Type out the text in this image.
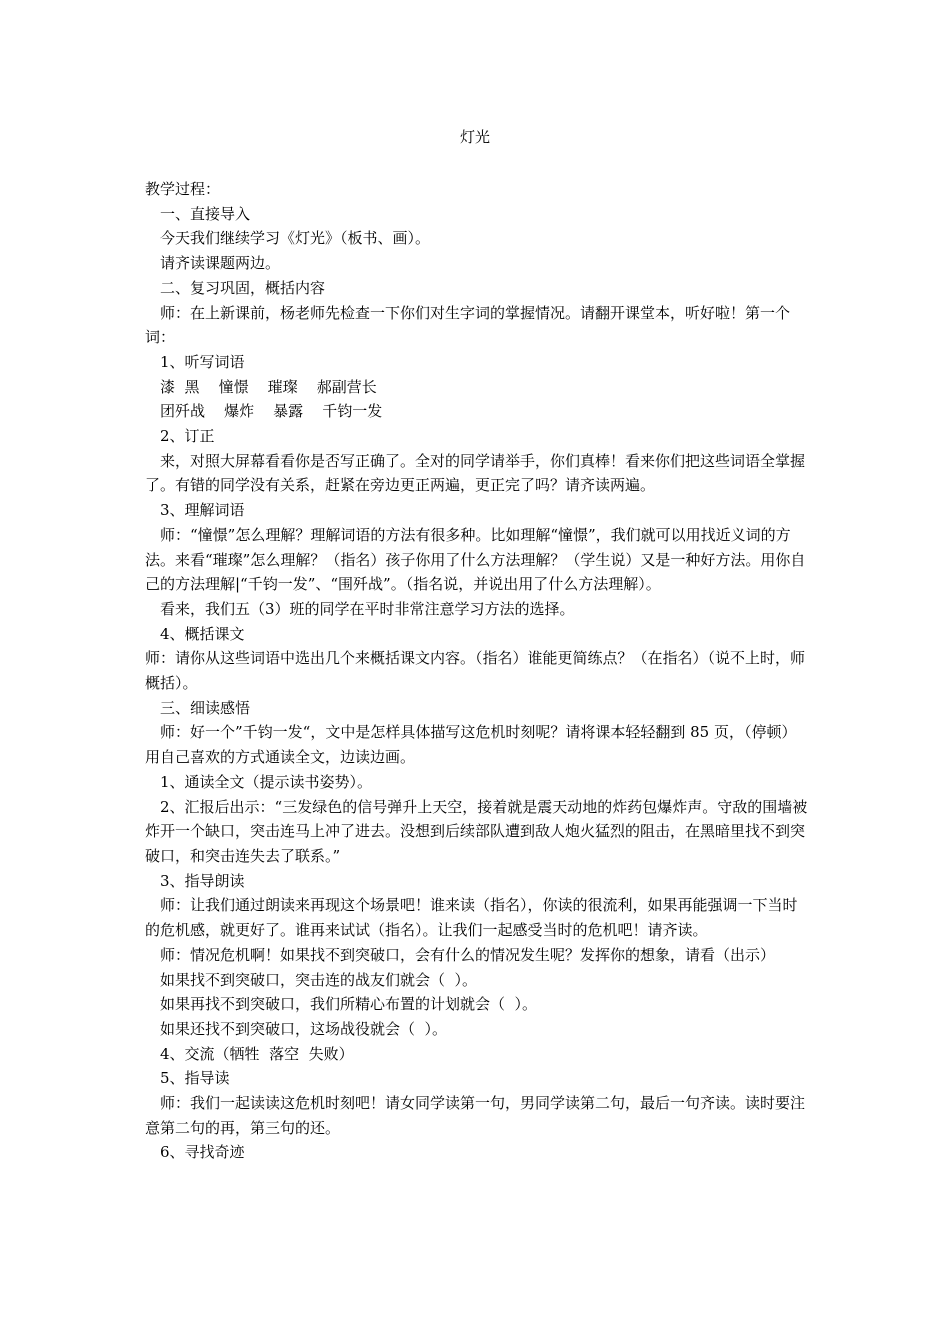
灯光

教学过程：

一、直接导入

今天我们继续学习《灯光》（板书、画）。

请齐读课题两边。

二、复习巩固，概括内容

师：在上新课前，杨老师先检查一下你们对生字词的掌握情况。请翻开课堂本，听好啦！第一个词：

1、听写词语

漆  黑    憧憬    璀璨    郝副营长

团歼战    爆炸    暴露    千钧一发

2、订正

来，对照大屏幕看看你是否写正确了。全对的同学请举手，你们真棒！看来你们把这些词语全掌握了。有错的同学没有关系，赶紧在旁边更正两遍，更正完了吗？请齐读两遍。

3、理解词语

师：“憧憬”怎么理解？理解词语的方法有很多种。比如理解“憧憬”，我们就可以用找近义词的方法。来看“璀璨”怎么理解？（指名）孩子你用了什么方法理解？（学生说）又是一种好方法。用你自己的方法理解|“千钧一发”、“围歼战”。（指名说，并说出用了什么方法理解）。

看来，我们五（3）班的同学在平时非常注意学习方法的选择。

4、概括课文

师：请你从这些词语中选出几个来概括课文内容。（指名）谁能更简练点？（在指名）（说不上时，师概括）。

三、细读感悟

师：好一个”千钧一发“，文中是怎样具体描写这危机时刻呢？请将课本轻轻翻到 85 页，（停顿）用自己喜欢的方式通读全文，边读边画。

1、通读全文（提示读书姿势）。

2、汇报后出示：“三发绿色的信号弹升上天空，接着就是震天动地的炸药包爆炸声。守敌的围墙被炸开一个缺口，突击连马上冲了进去。没想到后续部队遭到敌人炮火猛烈的阻击，在黑暗里找不到突破口，和突击连失去了联系。”

3、指导朗读

师：让我们通过朗读来再现这个场景吧！谁来读（指名），你读的很流利，如果再能强调一下当时的危机感，就更好了。谁再来试试（指名）。让我们一起感受当时的危机吧！请齐读。

师：情况危机啊！如果找不到突破口，会有什么的情况发生呢？发挥你的想象，请看（出示）

如果找不到突破口，突击连的战友们就会（  ）。

如果再找不到突破口，我们所精心布置的计划就会（  ）。

如果还找不到突破口，这场战役就会（  ）。

4、交流（牺牲  落空  失败）

5、指导读

师：我们一起读读这危机时刻吧！请女同学读第一句，男同学读第二句，最后一句齐读。读时要注意第二句的再，第三句的还。

6、寻找奇迹
